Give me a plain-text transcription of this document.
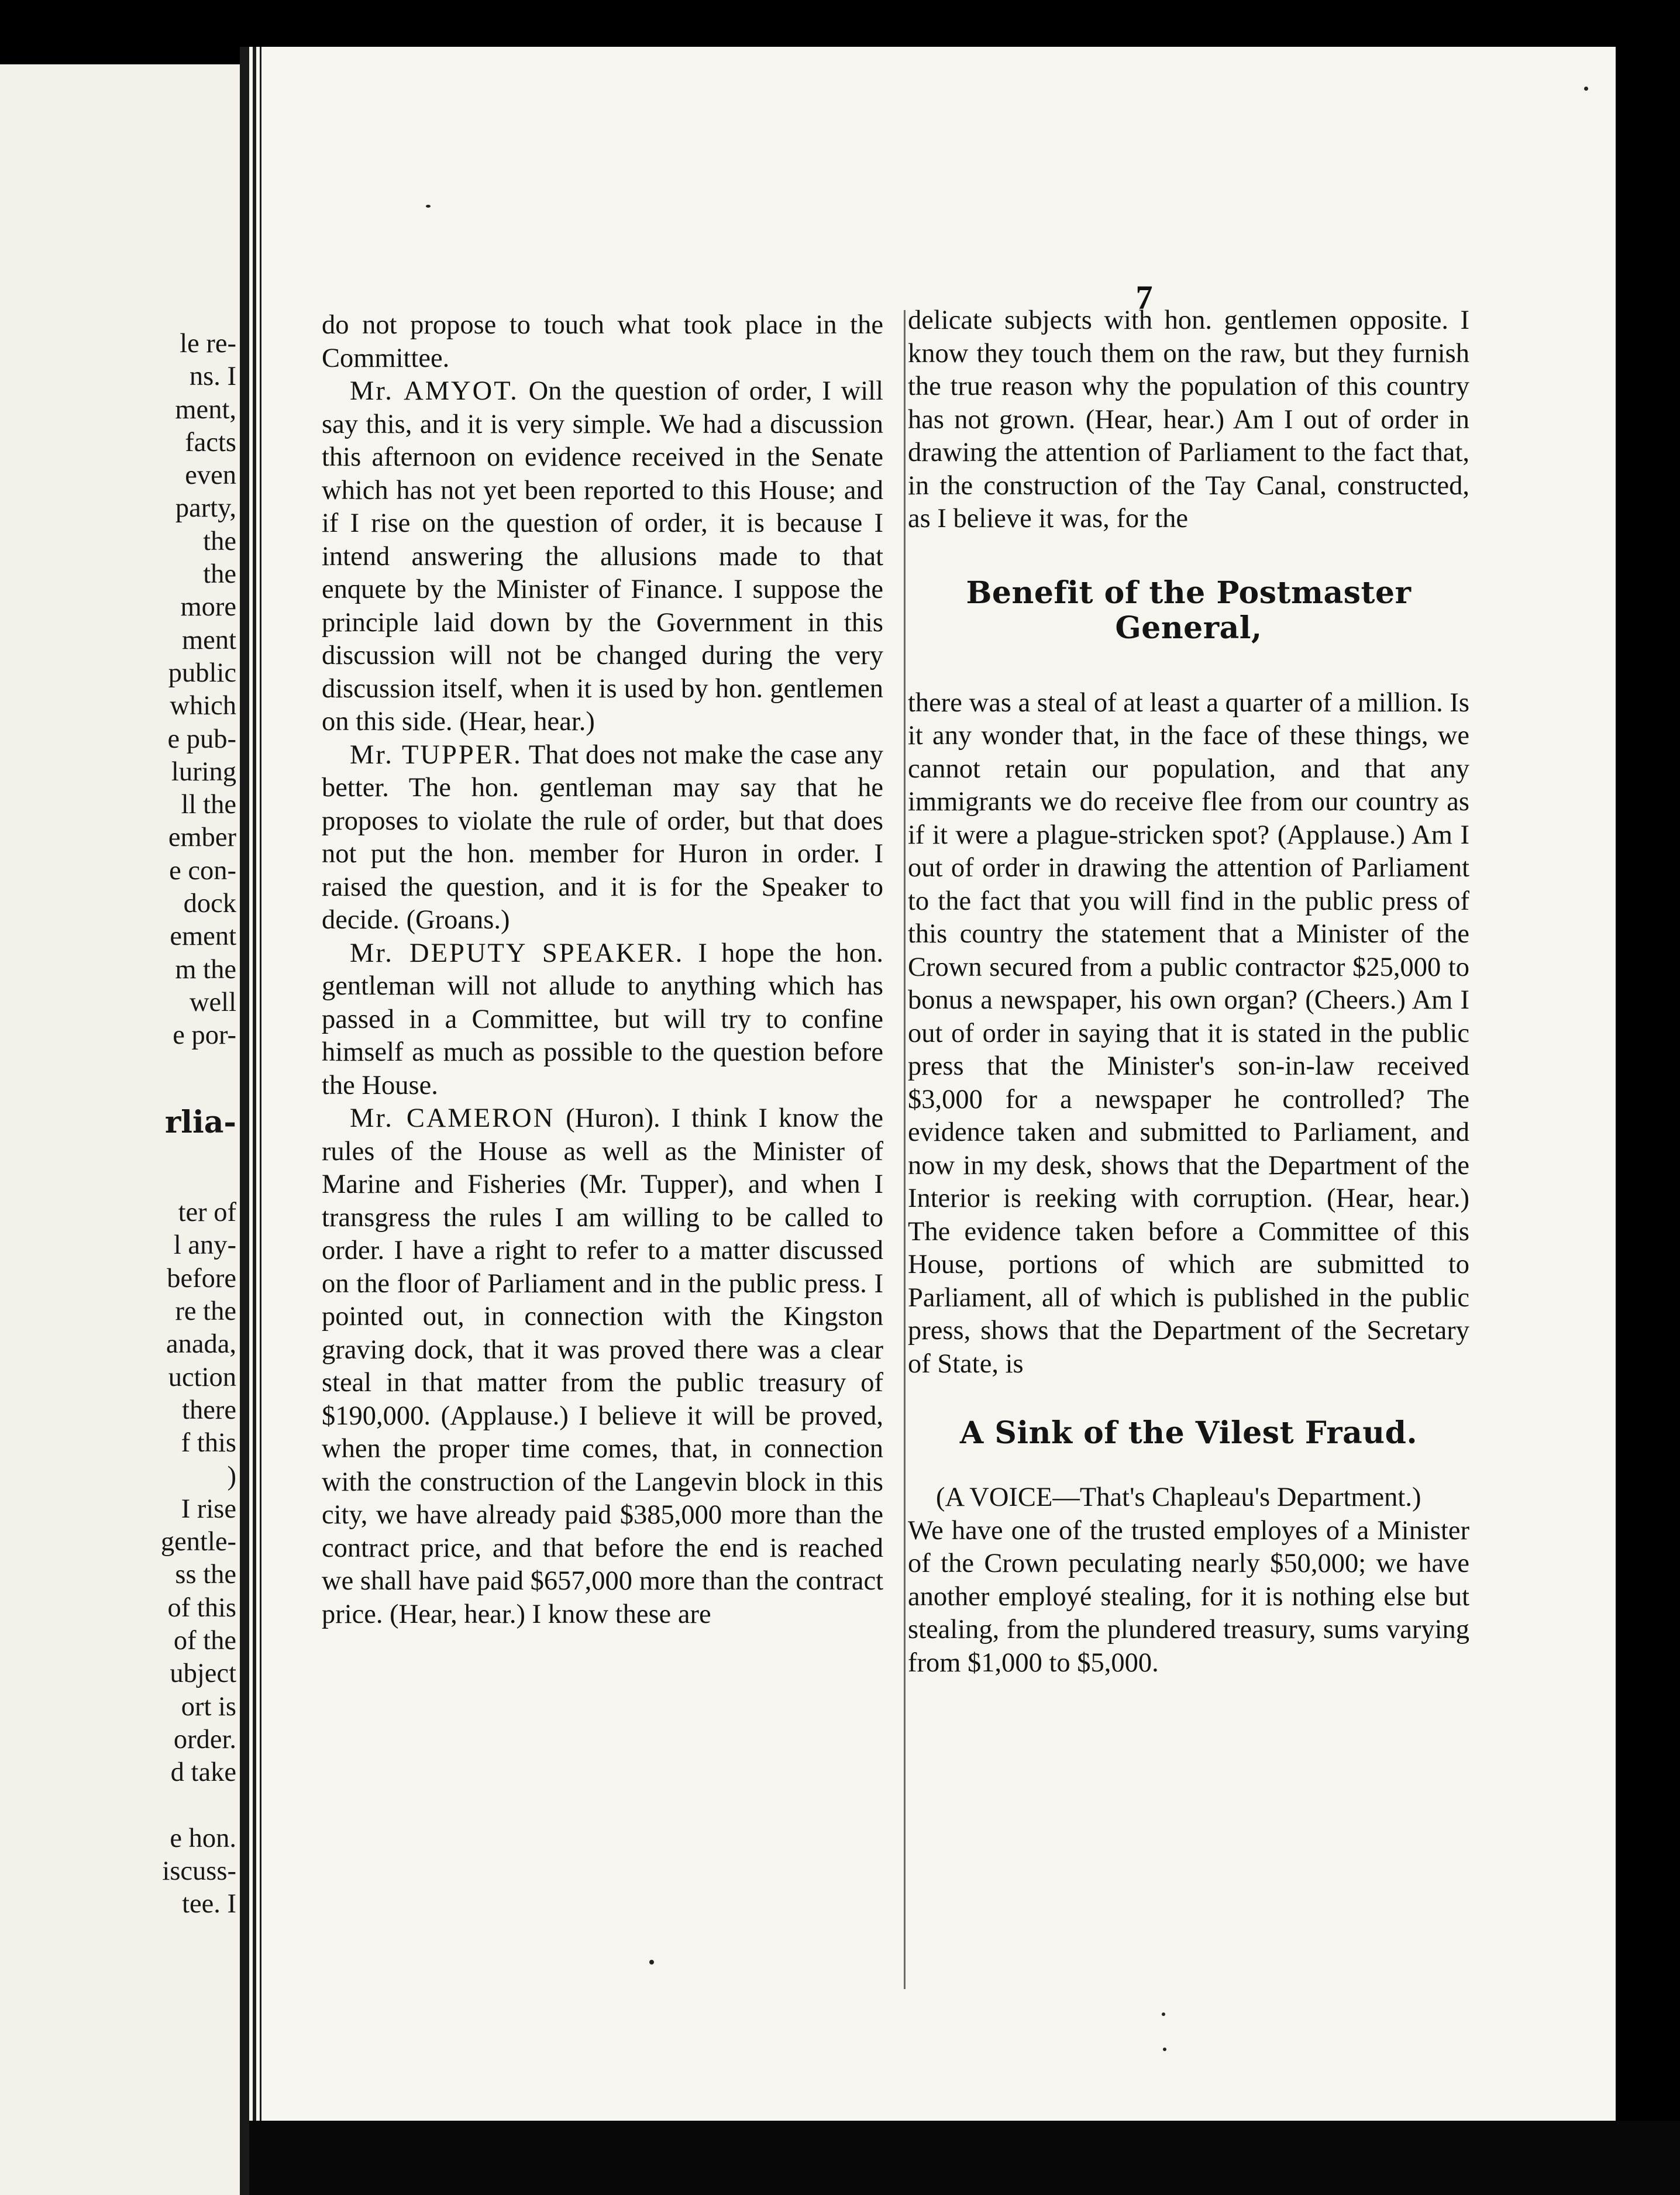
le re-
ns. I
ment,
facts
even
party,
the
the
more
ment
public
which
e pub-
luring
ll the
ember
e con-
dock
ement
m the
well
e por-

rlia-

ter of
l any-
before
re the
anada,
uction
there
f this
)
I rise
gentle-
ss the
of this
of the
ubject
ort is
order.
d take

e hon.
iscuss-
tee. I
7

do not propose to touch what took place in the Committee.

Mr. AMYOT. On the question of order, I will say this, and it is very simple. We had a discussion this afternoon on evidence received in the Senate which has not yet been reported to this House; and if I rise on the question of order, it is because I intend answering the allusions made to that enquete by the Minister of Finance. I suppose the principle laid down by the Government in this discussion will not be changed during the very discussion itself, when it is used by hon. gentlemen on this side. (Hear, hear.)

Mr. TUPPER. That does not make the case any better. The hon. gentleman may say that he proposes to violate the rule of order, but that does not put the hon. member for Huron in order. I raised the question, and it is for the Speaker to decide. (Groans.)

Mr. DEPUTY SPEAKER. I hope the hon. gentleman will not allude to anything which has passed in a Committee, but will try to confine himself as much as possible to the question before the House.

Mr. CAMERON (Huron). I think I know the rules of the House as well as the Minister of Marine and Fisheries (Mr. Tupper), and when I transgress the rules I am willing to be called to order. I have a right to refer to a matter discussed on the floor of Parliament and in the public press. I pointed out, in connection with the Kingston graving dock, that it was proved there was a clear steal in that matter from the public treasury of $190,000. (Applause.) I believe it will be proved, when the proper time comes, that, in connection with the construction of the Langevin block in this city, we have already paid $385,000 more than the contract price, and that before the end is reached we shall have paid $657,000 more than the contract price. (Hear, hear.) I know these are

delicate subjects with hon. gentlemen opposite. I know they touch them on the raw, but they furnish the true reason why the population of this country has not grown. (Hear, hear.) Am I out of order in drawing the attention of Parliament to the fact that, in the construction of the Tay Canal, constructed, as I believe it was, for the

Benefit of the Postmaster
General,

there was a steal of at least a quarter of a million. Is it any wonder that, in the face of these things, we cannot retain our population, and that any immigrants we do receive flee from our country as if it were a plague-stricken spot? (Applause.) Am I out of order in drawing the attention of Parliament to the fact that you will find in the public press of this country the statement that a Minister of the Crown secured from a public contractor $25,000 to bonus a newspaper, his own organ? (Cheers.) Am I out of order in saying that it is stated in the public press that the Minister's son-in-law received $3,000 for a newspaper he controlled? The evidence taken and submitted to Parliament, and now in my desk, shows that the Department of the Interior is reeking with corruption. (Hear, hear.) The evidence taken before a Committee of this House, portions of which are submitted to Parliament, all of which is published in the public press, shows that the Department of the Secretary of State, is

A Sink of the Vilest Fraud.

(A VOICE—That's Chapleau's Department.)

We have one of the trusted employes of a Minister of the Crown peculating nearly $50,000; we have another employé stealing, for it is nothing else but stealing, from the plundered treasury, sums varying from $1,000 to $5,000.
